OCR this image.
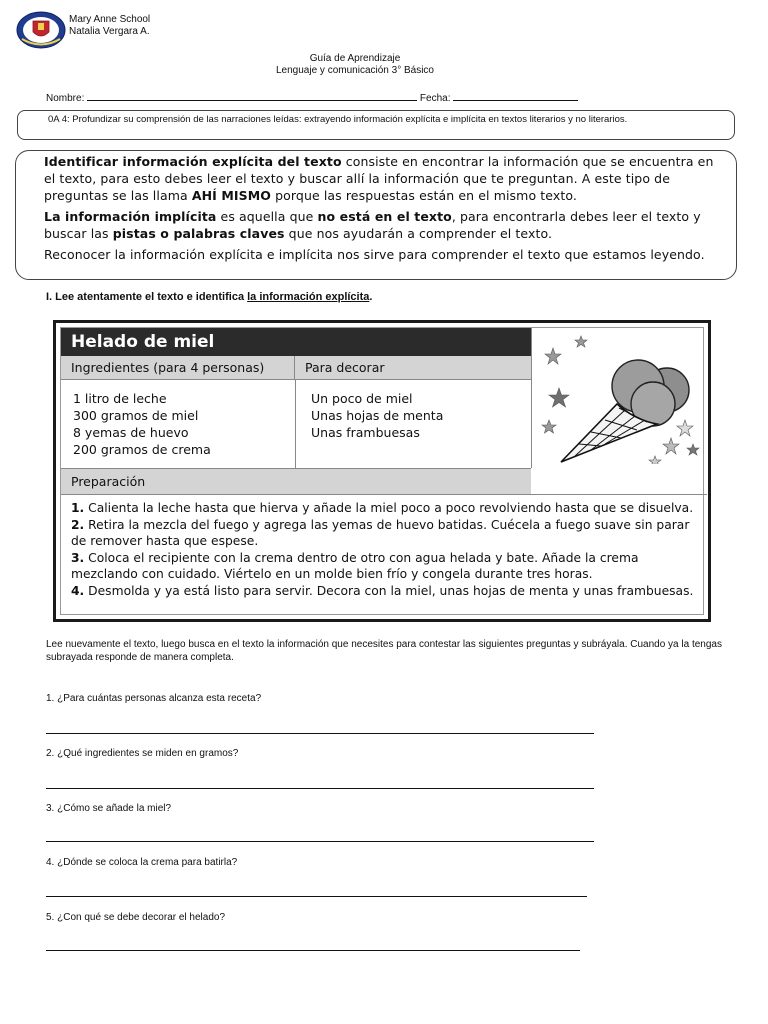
Mary Anne School
Natalia Vergara A.
Guía de Aprendizaje
Lenguaje y comunicación 3° Básico
Nombre:	Fecha:
0A 4: Profundizar su comprensión de las narraciones leídas: extrayendo información explícita e implícita en textos literarios y no literarios.

Identificar información explícita del texto consiste en encontrar la información que se encuentra en el texto, para esto debes leer el texto y buscar allí la información que te preguntan. A este tipo de preguntas se las llama AHÍ MISMO porque las respuestas están en el mismo texto.

La información implícita es aquella que no está en el texto, para encontrarla debes leer el texto y buscar las pistas o palabras claves que nos ayudarán a comprender el texto.

Reconocer la información explícita e implícita nos sirve para comprender el texto que estamos leyendo.

I. Lee atentamente el texto e identifica la información explícita.
Helado de miel
Ingredientes (para 4 personas)	Para decorar
1 litro de leche
300 gramos de miel
8 yemas de huevo
200 gramos de crema
Un poco de miel
Unas hojas de menta
Unas frambuesas
Preparación
1. Calienta la leche hasta que hierva y añade la miel poco a poco revolviendo hasta que se disuelva.
2. Retira la mezcla del fuego y agrega las yemas de huevo batidas. Cuécela a fuego suave sin parar
de remover hasta que espese.
3. Coloca el recipiente con la crema dentro de otro con agua helada y bate. Añade la crema
mezclando con cuidado. Viértelo en un molde bien frío y congela durante tres horas.
4. Desmolda y ya está listo para servir. Decora con la miel, unas hojas de menta y unas frambuesas.
Lee nuevamente el texto, luego busca en el texto la información que necesites para contestar las siguientes preguntas y subráyala. Cuando ya la tengas subrayada responde de manera completa.
1. ¿Para cuántas personas alcanza esta receta?
2. ¿Qué ingredientes se miden en gramos?
3. ¿Cómo se añade la miel?
4. ¿Dónde se coloca la crema para batirla?
5. ¿Con qué se debe decorar el helado?
